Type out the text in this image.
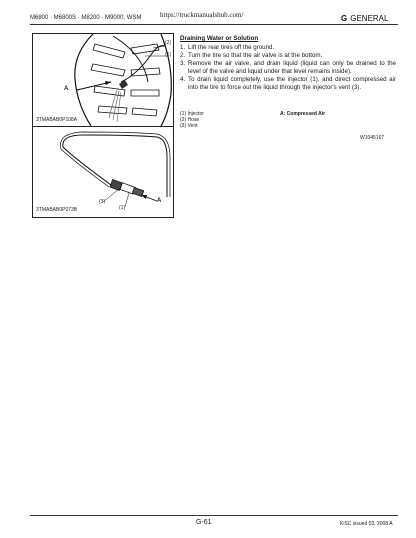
M6800 · M6800S · M8200 · M9000, WSM	https://truckmanualshub.com/	G GENERAL
(2)
(1)
A
3TMABAB0P108A
(3)
(1)
A
3TMABAB0P073B
Draining Water or Solution
1. Lift the rear tires off the ground.
2. Turn the tire so that the air valve is at the bottom.
3. Remove the air valve, and drain liquid (liquid can only be drained to the level of the valve and liquid under that level remains inside).
4. To drain liquid completely, use the injector (1), and direct compressed air into the tire to force out the liquid through the injector's vent (3).
(1) Injector	A: Compressed Air
(2) Hose
(3) Vent
W1045167
G-61	KiSC issued 03, 2008 A
